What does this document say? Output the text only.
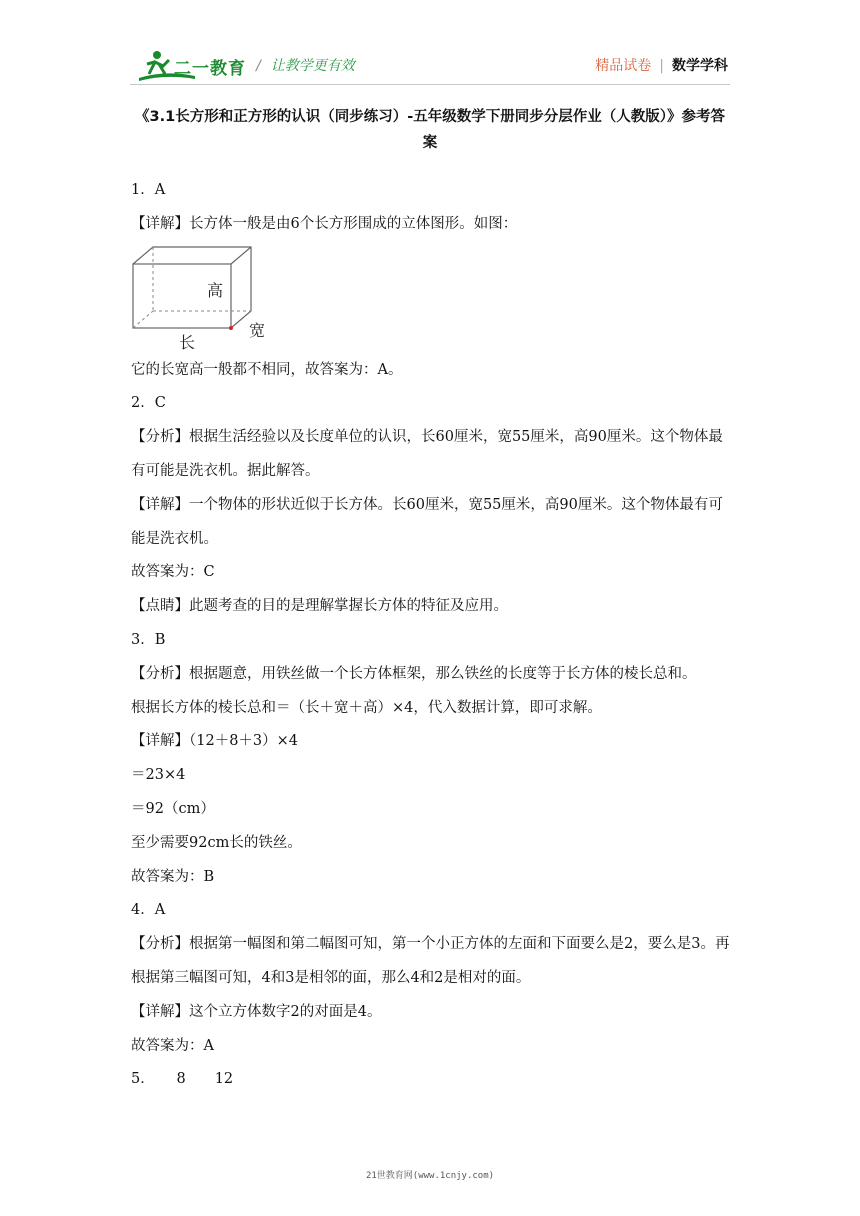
二一教育 / 让教学更有效	精品试卷 | 数学学科
《3.1长方形和正方形的认识（同步练习）-五年级数学下册同步分层作业（人教版）》参考答案
1．A
【详解】长方体一般是由6个长方形围成的立体图形。如图：
高
长
宽
它的长宽高一般都不相同，故答案为：A。
2．C
【分析】根据生活经验以及长度单位的认识，长60厘米，宽55厘米，高90厘米。这个物体最有可能是洗衣机。据此解答。
【详解】一个物体的形状近似于长方体。长60厘米，宽55厘米，高90厘米。这个物体最有可能是洗衣机。
故答案为：C
【点睛】此题考查的目的是理解掌握长方体的特征及应用。
3．B
【分析】根据题意，用铁丝做一个长方体框架，那么铁丝的长度等于长方体的棱长总和。
根据长方体的棱长总和＝（长＋宽＋高）×4，代入数据计算，即可求解。
【详解】（12＋8＋3）×4
＝23×4
＝92（cm）
至少需要92cm长的铁丝。
故答案为：B
4．A
【分析】根据第一幅图和第二幅图可知，第一个小正方体的左面和下面要么是2，要么是3。再根据第三幅图可知，4和3是相邻的面，那么4和2是相对的面。
【详解】这个立方体数字2的对面是4。
故答案为：A
5．　　8　　12
21世教育网(www.1cnjy.com)
